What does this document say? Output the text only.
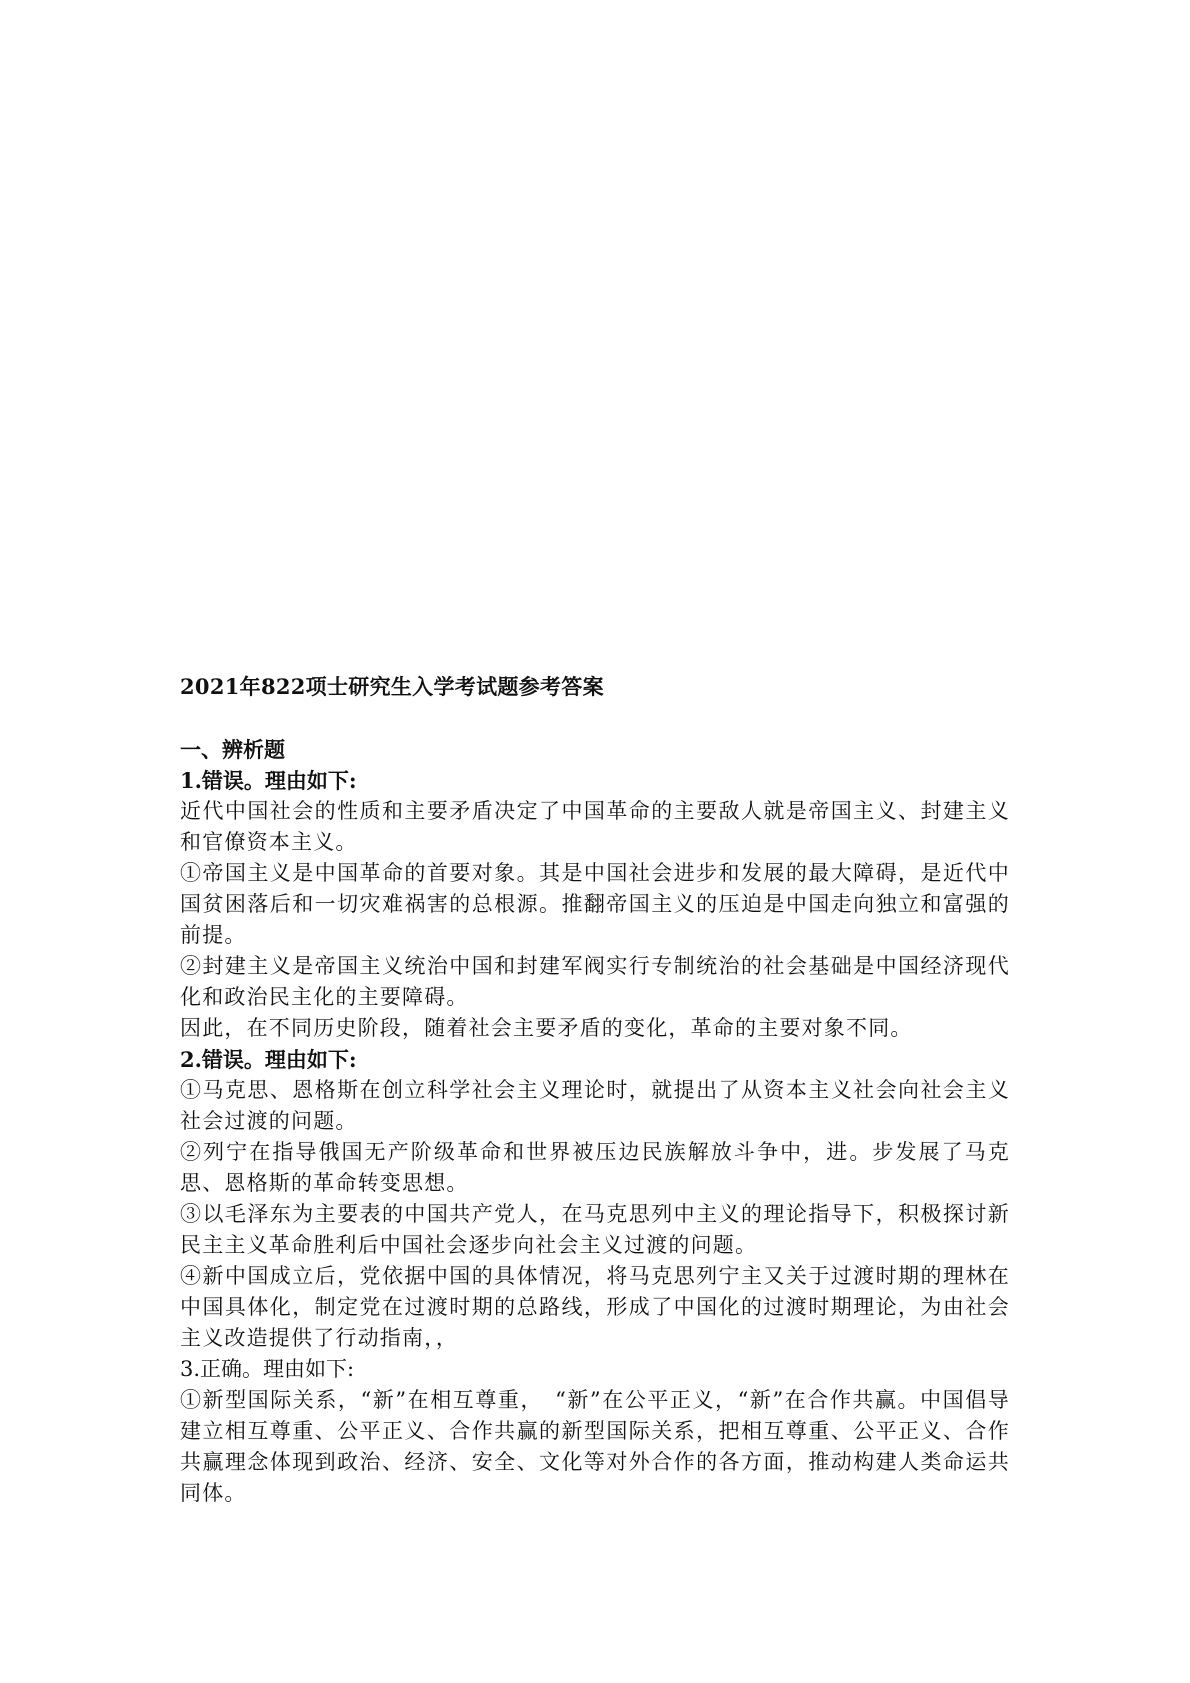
2021年822项士研究生入学考试题参考答案
一、辨析题
1.错误。理由如下:

近代中国社会的性质和主要矛盾决定了中国革命的主要敌人就是帝国主义、封建主义和官僚资本主义。

①帝国主义是中国革命的首要对象。其是中国社会进步和发展的最大障碍，是近代中国贫困落后和一切灾难祸害的总根源。推翻帝国主义的压迫是中国走向独立和富强的前提。

②封建主义是帝国主义统治中国和封建军阀实行专制统治的社会基础是中国经济现代化和政治民主化的主要障碍。

因此，在不同历史阶段，随着社会主要矛盾的变化，革命的主要对象不同。

2.错误。理由如下:

①马克思、恩格斯在创立科学社会主义理论时，就提出了从资本主义社会向社会主义社会过渡的问题。

②列宁在指导俄国无产阶级革命和世界被压边民族解放斗争中，进。步发展了马克思、恩格斯的革命转变思想。

③以毛泽东为主要表的中国共产党人，在马克思列中主义的理论指导下，积极探讨新民主主义革命胜利后中国社会逐步向社会主义过渡的问题。

④新中国成立后，党依据中国的具体情况，将马克思列宁主又关于过渡时期的理林在中国具体化，制定党在过渡时期的总路线，形成了中国化的过渡时期理论，为由社会主义改造提供了行动指南，，

3.正确。理由如下:

①新型国际关系，“新”在相互尊重，　“新”在公平正义，“新”在合作共赢。中国倡导建立相互尊重、公平正义、合作共赢的新型国际关系，把相互尊重、公平正义、合作共赢理念体现到政治、经济、安全、文化等对外合作的各方面，推动构建人类命运共同体。
